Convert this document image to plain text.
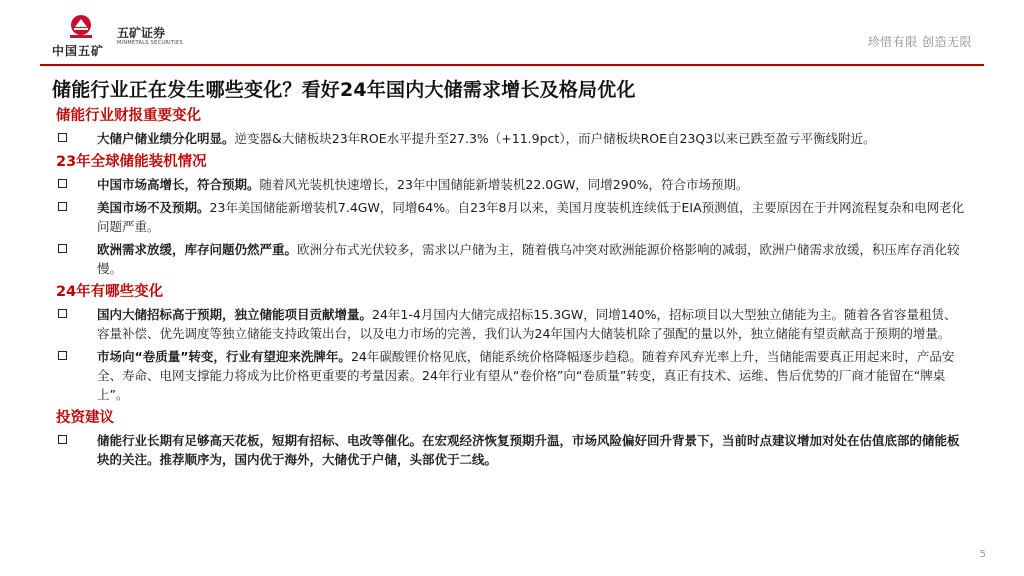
中国五矿
五矿证券
MINMETALS SECURITIES	珍惜有限 创造无限
储能行业正在发生哪些变化？看好24年国内大储需求增长及格局优化
储能行业财报重要变化
大储户储业绩分化明显。逆变器&大储板块23年ROE水平提升至27.3%（+11.9pct），而户储板块ROE自23Q3以来已跌至盈亏平衡线附近。
23年全球储能装机情况
中国市场高增长，符合预期。随着风光装机快速增长，23年中国储能新增装机22.0GW，同增290%，符合市场预期。
美国市场不及预期。23年美国储能新增装机7.4GW，同增64%。自23年8月以来，美国月度装机连续低于EIA预测值，主要原因在于并网流程复杂和电网老化问题严重。
欧洲需求放缓，库存问题仍然严重。欧洲分布式光伏较多，需求以户储为主，随着俄乌冲突对欧洲能源价格影响的减弱，欧洲户储需求放缓，积压库存消化较慢。
24年有哪些变化
国内大储招标高于预期，独立储能项目贡献增量。24年1-4月国内大储完成招标15.3GW，同增140%，招标项目以大型独立储能为主。随着各省容量租赁、容量补偿、优先调度等独立储能支持政策出台，以及电力市场的完善，我们认为24年国内大储装机除了强配的量以外，独立储能有望贡献高于预期的增量。
市场向“卷质量”转变，行业有望迎来洗牌年。24年碳酸锂价格见底，储能系统价格降幅逐步趋稳。随着弃风弃光率上升，当储能需要真正用起来时，产品安全、寿命、电网支撑能力将成为比价格更重要的考量因素。24年行业有望从“卷价格”向“卷质量”转变，真正有技术、运维、售后优势的厂商才能留在“牌桌上”。
投资建议
储能行业长期有足够高天花板，短期有招标、电改等催化。在宏观经济恢复预期升温，市场风险偏好回升背景下，当前时点建议增加对处在估值底部的储能板块的关注。推荐顺序为，国内优于海外，大储优于户储，头部优于二线。
5
